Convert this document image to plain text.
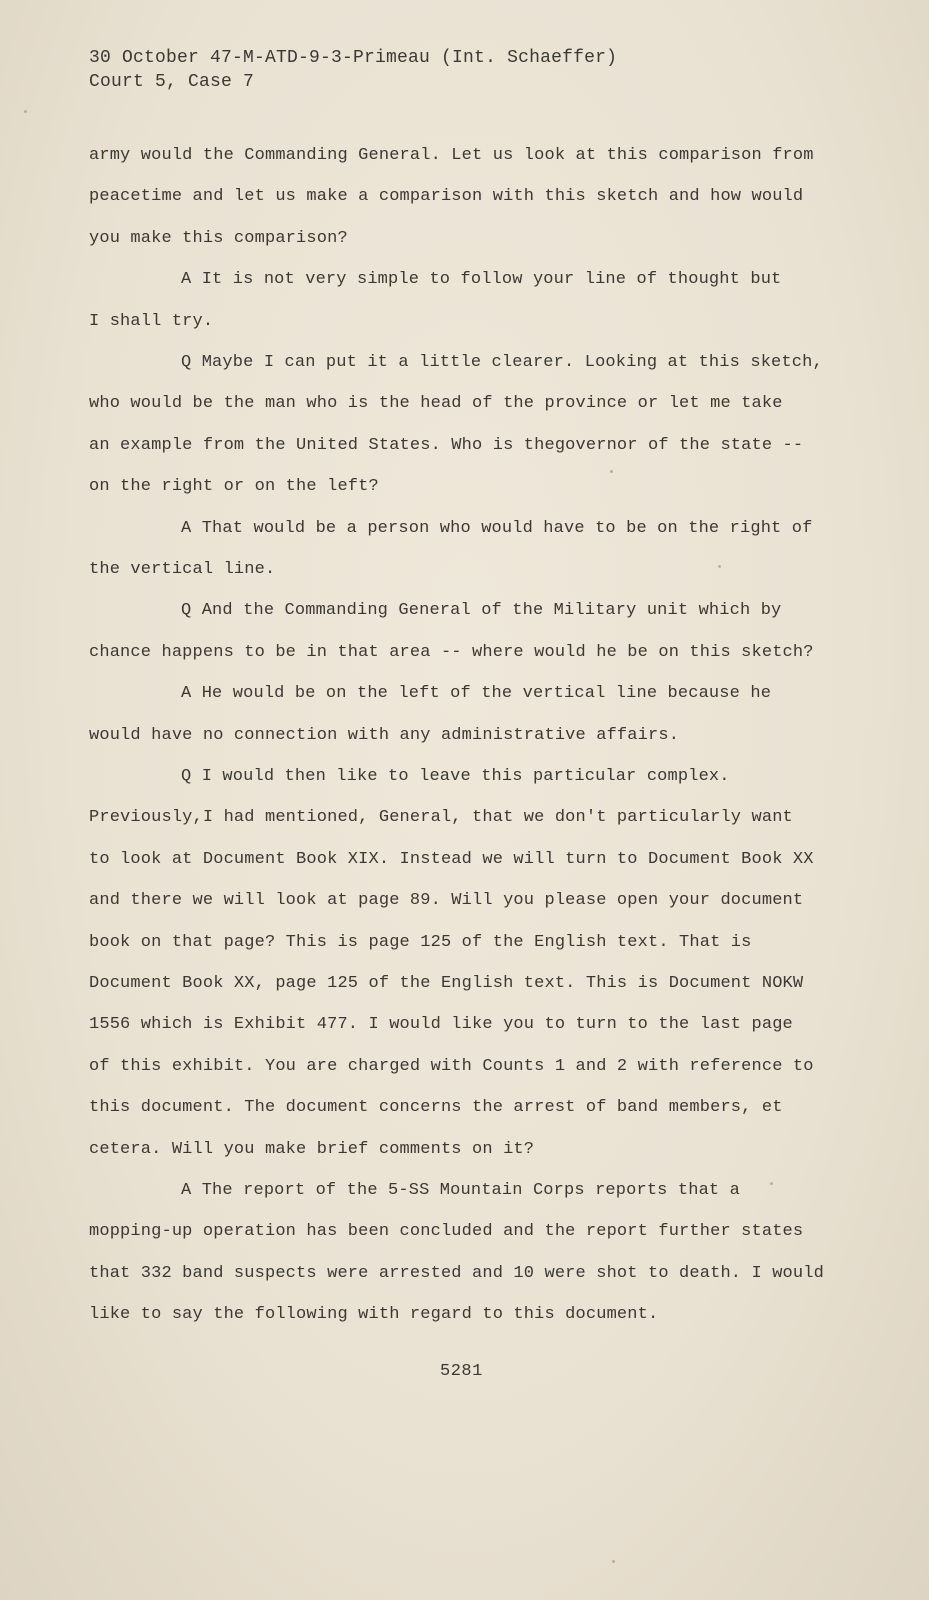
30 October 47-M-ATD-9-3-Primeau (Int. Schaeffer)
Court 5, Case 7
army would the Commanding General. Let us look at this comparison from
peacetime and let us make a comparison with this sketch and how would
you make this comparison?
A It is not very simple to follow your line of thought but
I shall try.
Q Maybe I can put it a little clearer. Looking at this sketch,
who would be the man who is the head of the province or let me take
an example from the United States. Who is thegovernor of the state --
on the right or on the left?
A That would be a person who would have to be on the right of
the vertical line.
Q And the Commanding General of the Military unit which by
chance happens to be in that area -- where would he be on this sketch?
A He would be on the left of the vertical line because he
would have no connection with any administrative affairs.
Q I would then like to leave this particular complex.
Previously,I had mentioned, General, that we don't particularly want
to look at Document Book XIX. Instead we will turn to Document Book XX
and there we will look at page 89. Will you please open your document
book on that page? This is page 125 of the English text. That is
Document Book XX, page 125 of the English text. This is Document NOKW
1556 which is Exhibit 477. I would like you to turn to the last page
of this exhibit. You are charged with Counts 1 and 2 with reference to
this document. The document concerns the arrest of band members, et
cetera. Will you make brief comments on it?
A The report of the 5-SS Mountain Corps reports that a
mopping-up operation has been concluded and the report further states
that 332 band suspects were arrested and 10 were shot to death. I would
like to say the following with regard to this document.
5281
